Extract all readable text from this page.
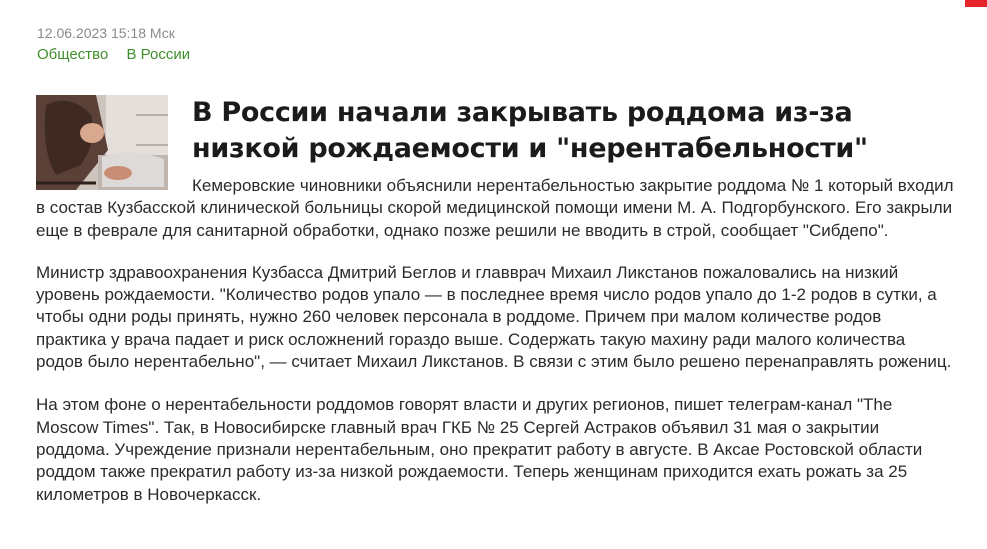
12.06.2023 15:18 Мск
Общество В России
В России начали закрывать роддома из-за низкой рождаемости и "нерентабельности"

Кемеровские чиновники объяснили нерентабельностью закрытие роддома № 1 который входил в состав Кузбасской клинической больницы скорой медицинской помощи имени М. А. Подгорбунского. Его закрыли еще в феврале для санитарной обработки, однако позже решили не вводить в строй, сообщает "Сибдепо".

Министр здравоохранения Кузбасса Дмитрий Беглов и главврач Михаил Ликстанов пожаловались на низкий уровень рождаемости. "Количество родов упало — в последнее время число родов упало до 1-2 родов в сутки, а чтобы одни роды принять, нужно 260 человек персонала в роддоме. Причем при малом количестве родов практика у врача падает и риск осложнений гораздо выше. Содержать такую махину ради малого количества родов было нерентабельно", — считает Михаил Ликстанов. В связи с этим было решено перенаправлять рожениц.

На этом фоне о нерентабельности роддомов говорят власти и других регионов, пишет телеграм-канал "The Moscow Times". Так, в Новосибирске главный врач ГКБ № 25 Сергей Астраков объявил 31 мая о закрытии роддома. Учреждение признали нерентабельным, оно прекратит работу в августе. В Аксае Ростовской области роддом также прекратил работу из-за низкой рождаемости. Теперь женщинам приходится ехать рожать за 25 километров в Новочеркасск.
